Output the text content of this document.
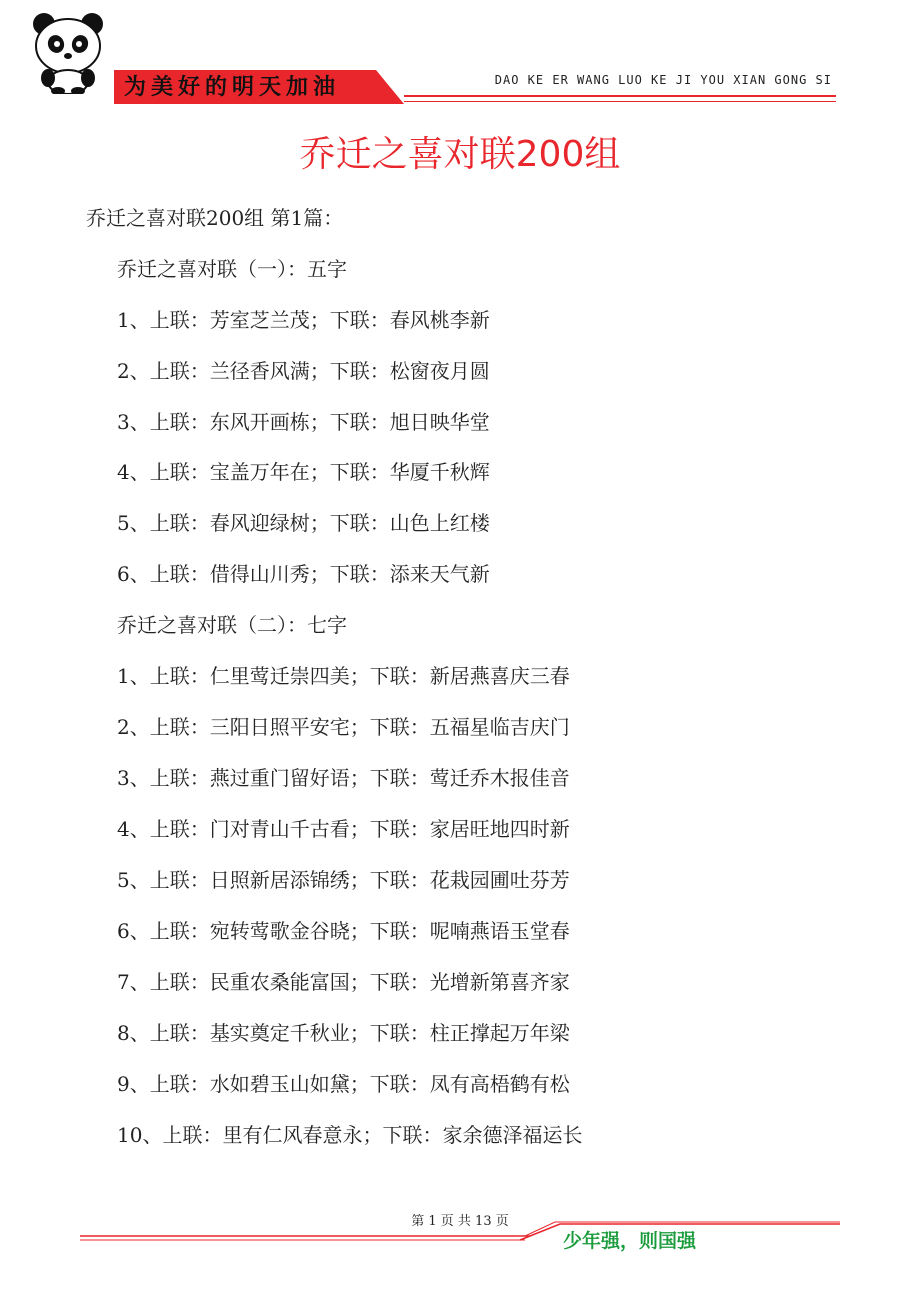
为美好的明天加油	DAO KE ER WANG LUO KE JI YOU XIAN GONG SI
乔迁之喜对联200组
乔迁之喜对联200组 第1篇：
乔迁之喜对联（一）：五字
1、上联：芳室芝兰茂；下联：春风桃李新
2、上联：兰径香风满；下联：松窗夜月圆
3、上联：东风开画栋；下联：旭日映华堂
4、上联：宝盖万年在；下联：华厦千秋辉
5、上联：春风迎绿树；下联：山色上红楼
6、上联：借得山川秀；下联：添来天气新
乔迁之喜对联（二）：七字
1、上联：仁里莺迁崇四美；下联：新居燕喜庆三春
2、上联：三阳日照平安宅；下联：五福星临吉庆门
3、上联：燕过重门留好语；下联：莺迁乔木报佳音
4、上联：门对青山千古看；下联：家居旺地四时新
5、上联：日照新居添锦绣；下联：花栽园圃吐芬芳
6、上联：宛转莺歌金谷晓；下联：呢喃燕语玉堂春
7、上联：民重农桑能富国；下联：光增新第喜齐家
8、上联：基实奠定千秋业；下联：柱正撑起万年梁
9、上联：水如碧玉山如黛；下联：凤有高梧鹤有松
10、上联：里有仁风春意永；下联：家余德泽福运长
第 1 页 共 13 页
少年强，则国强
